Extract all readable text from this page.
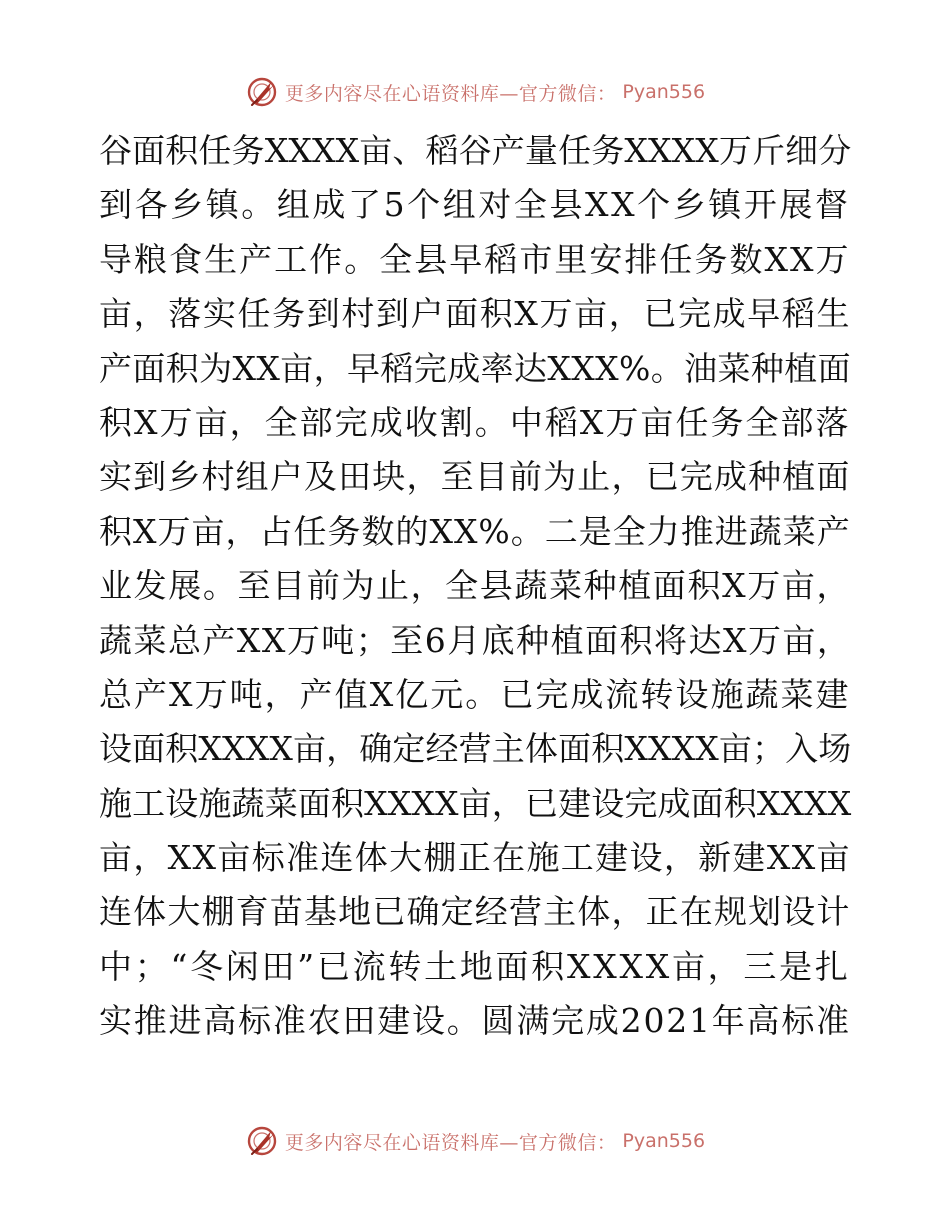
更多内容尽在心语资料库—官方微信： Pyan556
谷面积任务XXXX亩、稻谷产量任务XXXX万斤细分
到各乡镇。组成了5个组对全县XX个乡镇开展督
导粮食生产工作。全县早稻市里安排任务数XX万
亩，落实任务到村到户面积X万亩，已完成早稻生
产面积为XX亩，早稻完成率达XXX%。油菜种植面
积X万亩，全部完成收割。中稻X万亩任务全部落
实到乡村组户及田块，至目前为止，已完成种植面
积X万亩，占任务数的XX%。二是全力推进蔬菜产
业发展。至目前为止，全县蔬菜种植面积X万亩，
蔬菜总产XX万吨；至6月底种植面积将达X万亩，
总产X万吨，产值X亿元。已完成流转设施蔬菜建
设面积XXXX亩，确定经营主体面积XXXX亩；入场
施工设施蔬菜面积XXXX亩，已建设完成面积XXXX
亩，XX亩标准连体大棚正在施工建设，新建XX亩
连体大棚育苗基地已确定经营主体，正在规划设计
中；“冬闲田”已流转土地面积XXXX亩，三是扎
实推进高标准农田建设。圆满完成2021年高标准
更多内容尽在心语资料库—官方微信： Pyan556
